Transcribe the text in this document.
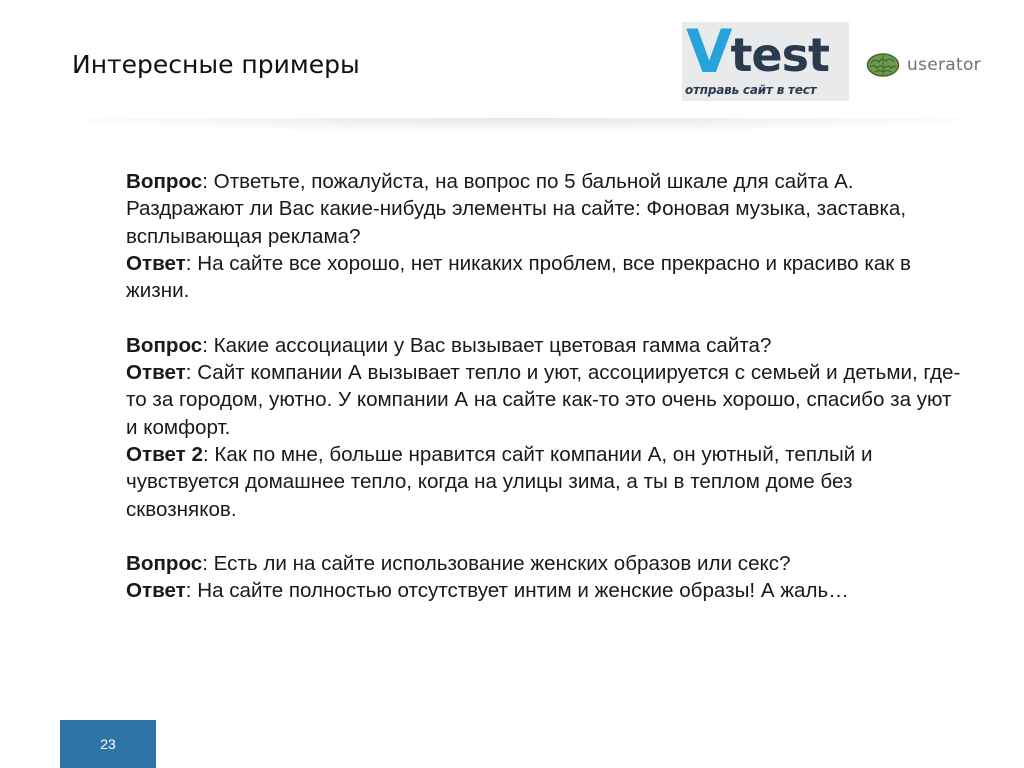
Интересные примеры	V test
отправь сайт в тест
userator

Вопрос: Ответьте, пожалуйста, на вопрос по 5 бальной шкале для сайта А. Раздражают ли Вас какие-нибудь элементы на сайте: Фоновая музыка, заставка, всплывающая реклама?

Ответ: На сайте все хорошо, нет никаких проблем, все прекрасно и красиво как в жизни.

Вопрос: Какие ассоциации у Вас вызывает цветовая гамма сайта?

Ответ: Сайт компании А вызывает тепло и уют, ассоциируется с семьей и детьми, где-то за городом, уютно. У компании А на сайте как-то это очень хорошо, спасибо за уют и комфорт.

Ответ 2: Как по мне, больше нравится сайт компании А, он уютный, теплый и чувствуется домашнее тепло, когда на улицы зима, а ты в теплом доме без сквозняков.

Вопрос: Есть ли на сайте использование женских образов или секс?

Ответ: На сайте полностью отсутствует интим и женские образы! А жаль…

23
